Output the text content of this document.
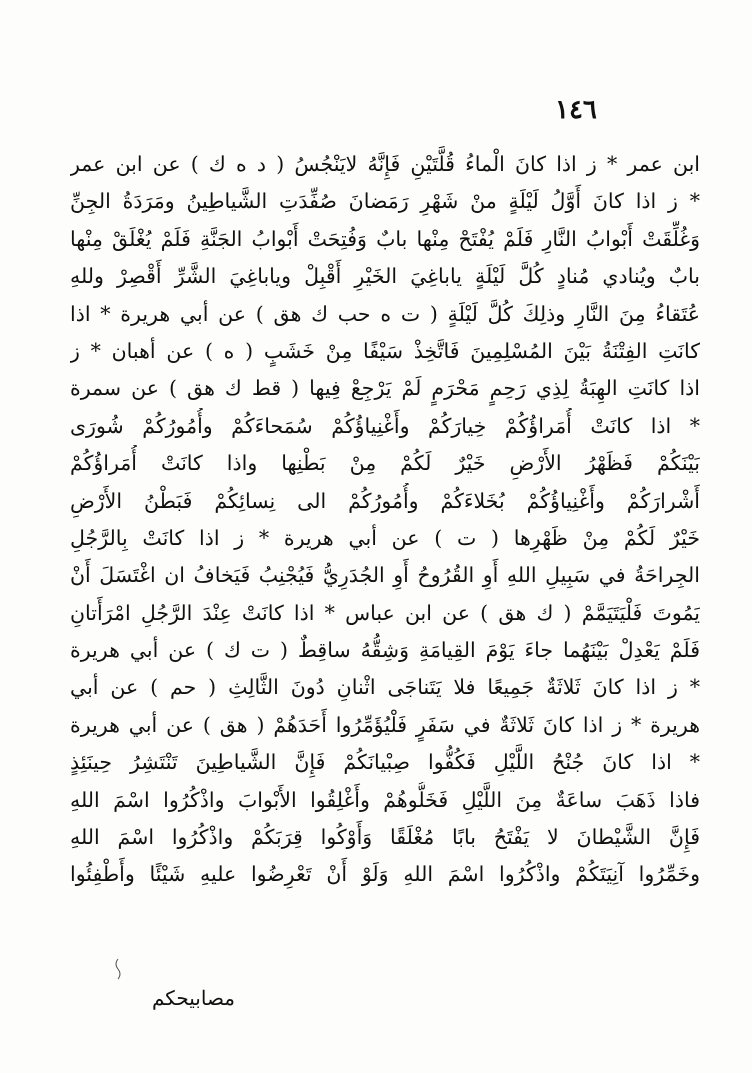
١٤٦
ابن عمر * ز اذا كانَ الْماءُ قُلَّتَيْنِ فَإِنَّهُ لايَنْجُسُ ( د ه ك ) عن ابن عمر
* ز اذا كانَ أَوَّلُ لَيْلَةٍ منْ شَهْرِ رَمَضانَ صُفِّدَتِ الشَّياطِينُ ومَرَدَةُ الجِنِّ
وَغُلِّقَتْ أَبْوابُ النَّارِ فَلَمْ يُفْتَحْ مِنْها بابٌ وَفُتِحَتْ أَبْوابُ الجَنَّةِ فَلَمْ يُغْلَقْ مِنْها
بابٌ ويُنادي مُنادٍ كُلَّ لَيْلَةٍ ياباغِيَ الخَيْرِ أَقْبِلْ وياباغِيَ الشَّرِّ أَقْصِرْ وللهِ
عُتَقاءُ مِنَ النَّارِ وذلِكَ كُلَّ لَيْلَةٍ ( ت ه حب ك هق ) عن أبي هريرة * اذا
كانَتِ الفِتْنَةُ بَيْنَ المُسْلِمِينَ فَاتَّخِذْ سَيْفًا مِنْ خَشَبٍ ( ه ) عن أهبان * ز
اذا كانَتِ الهِبَةُ لِذِي رَحِمٍ مَحْرَمٍ لَمْ يَرْجِعْ فِيها ( قط ك هق ) عن سمرة
* اذا كانَتْ أُمَراؤُكُمْ خِيارَكُمْ وأَغْنِياؤُكُمْ سُمَحاءَكُمْ وأُمُورُكُمْ شُورَى
بَيْنَكُمْ فَظَهْرُ الأَرْضِ خَيْرٌ لَكُمْ مِنْ بَطْنِها واذا كانَتْ أُمَراؤُكُمْ
أَشْرارَكُمْ وأَغْنِياؤُكُمْ بُخَلاءَكُمْ وأُمُورُكُمْ الى نِسائِكُمْ فَبَطْنُ الأَرْضِ
خَيْرٌ لَكُمْ مِنْ ظَهْرِها ( ت ) عن أبي هريرة * ز اذا كانَتْ بِالرَّجُلِ
الجِراحَةُ في سَبِيلِ اللهِ أَوِ القُرُوحُ أَوِ الجُدَرِيُّ فَيُجْنِبُ فَيَخافُ ان اغْتَسَلَ أَنْ
يَمُوتَ فَلْيَتَيَمَّمْ ( ك هق ) عن ابن عباس * اذا كانَتْ عِنْدَ الرَّجُلِ امْرَأَتانِ
فَلَمْ يَعْدِلْ بَيْنَهُما جاءَ يَوْمَ القِيامَةِ وَشِقُّهُ ساقِطٌ ( ت ك ) عن أبي هريرة
* ز اذا كانَ ثَلاثَةٌ جَمِيعًا فلا يَتَناجَى اثْنانِ دُونَ الثَّالِثِ ( حم ) عن أبي
هريرة * ز اذا كانَ ثَلاثَةٌ في سَفَرٍ فَلْيُؤَمِّرُوا أَحَدَهُمْ ( هق ) عن أبي هريرة
* اذا كانَ جُنْحُ اللَّيْلِ فَكُفُّوا صِبْيانَكُمْ فَإِنَّ الشَّياطِينَ تَنْتَشِرُ حِينَئِذٍ
فاذا ذَهَبَ ساعَةٌ مِنَ اللَّيْلِ فَخَلُّوهُمْ وأَغْلِقُوا الأَبْوابَ واذْكُرُوا اسْمَ اللهِ
فَإِنَّ الشَّيْطانَ لا يَفْتَحُ بابًا مُغْلَقًا وَأَوْكُوا قِرَبَكُمْ واذْكُرُوا اسْمَ اللهِ
وخَمِّرُوا آنِيَتَكُمْ واذْكُرُوا اسْمَ اللهِ وَلَوْ أَنْ تَعْرِضُوا عليهِ شَيْئًا وأَطْفِئُوا
مصابيحكم
